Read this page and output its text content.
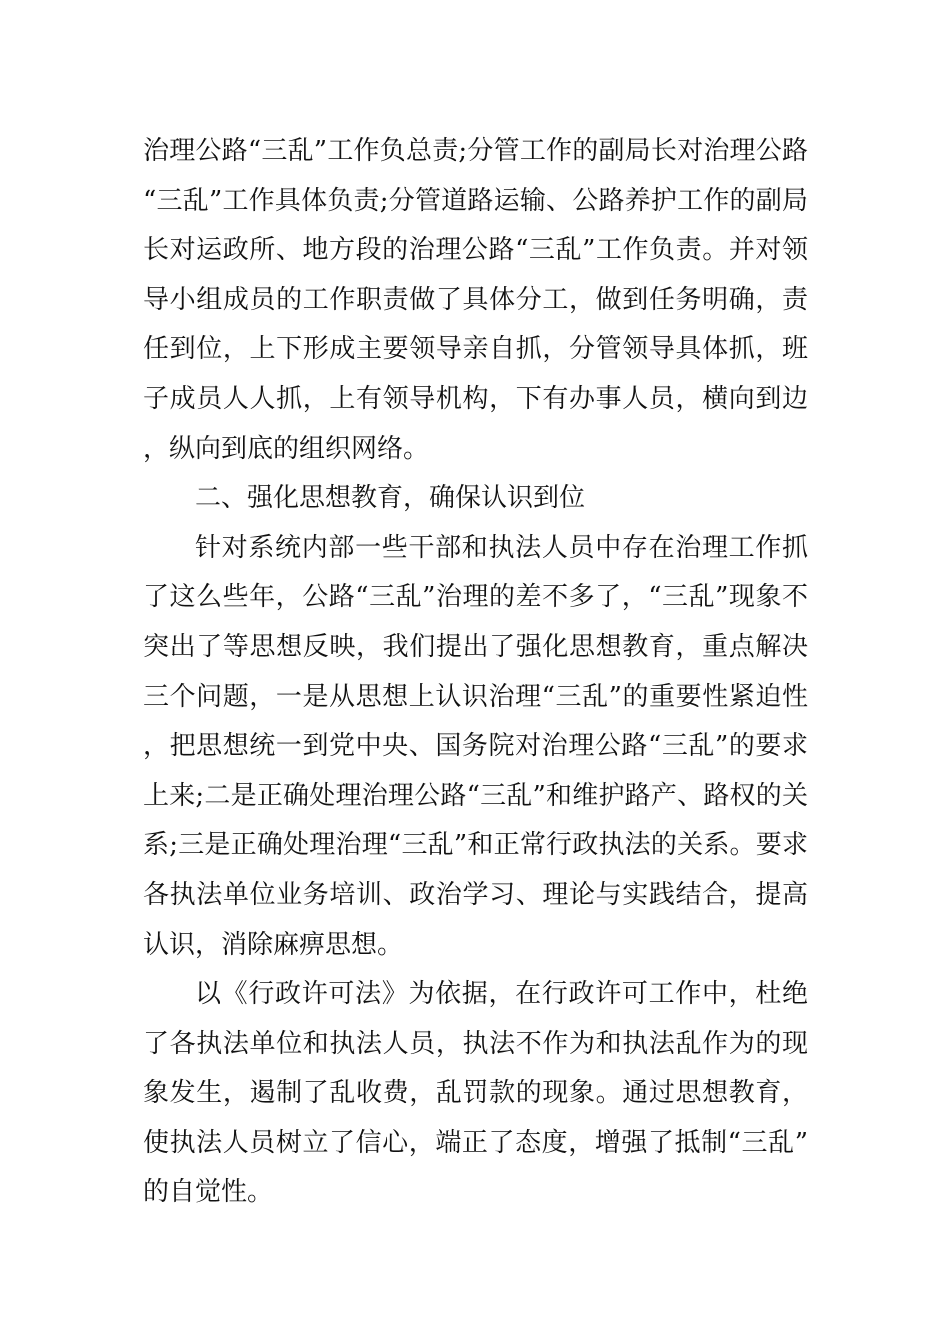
治理公路“三乱”工作负总责;分管工作的副局长对治理公路“三乱”工作具体负责;分管道路运输、公路养护工作的副局长对运政所、地方段的治理公路“三乱”工作负责。并对领导小组成员的工作职责做了具体分工，做到任务明确，责任到位，上下形成主要领导亲自抓，分管领导具体抓，班子成员人人抓，上有领导机构，下有办事人员，横向到边，纵向到底的组织网络。

二、强化思想教育，确保认识到位

针对系统内部一些干部和执法人员中存在治理工作抓了这么些年，公路“三乱”治理的差不多了，“三乱”现象不突出了等思想反映，我们提出了强化思想教育，重点解决三个问题，一是从思想上认识治理“三乱”的重要性紧迫性，把思想统一到党中央、国务院对治理公路“三乱”的要求上来;二是正确处理治理公路“三乱”和维护路产、路权的关系;三是正确处理治理“三乱”和正常行政执法的关系。要求各执法单位业务培训、政治学习、理论与实践结合，提高认识，消除麻痹思想。

以《行政许可法》为依据，在行政许可工作中，杜绝了各执法单位和执法人员，执法不作为和执法乱作为的现象发生，遏制了乱收费，乱罚款的现象。通过思想教育，使执法人员树立了信心，端正了态度，增强了抵制“三乱”的自觉性。
